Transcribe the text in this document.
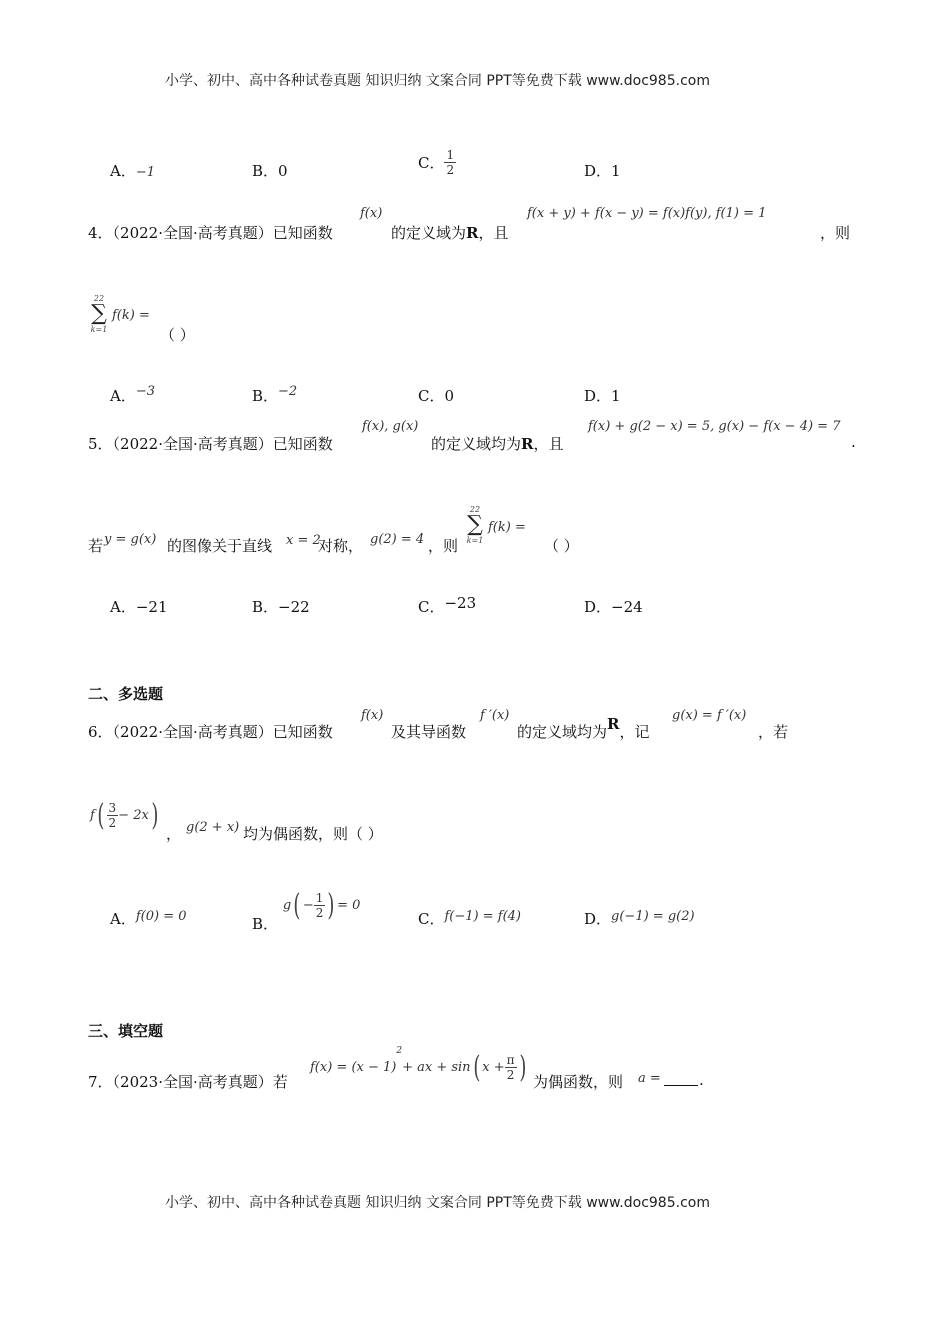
小学、初中、高中各种试卷真题 知识归纳 文案合同 PPT等免费下载 www.doc985.com
A．−1	B．0	C． $\frac{1}{2}$	D．1
4．（2022·全国·高考真题）已知函数
f(x)
的定义域为R，且
f(x + y) + f(x − y) = f(x)f(y), f(1) = 1
，则
22
∑
k=1
f(k) =
（ ）
A．−3	B．−2	C．0	D．1
5．（2022·全国·高考真题）已知函数
f(x), g(x)
的定义域均为R，且
f(x) + g(2 − x) = 5, g(x) − f(x − 4) = 7
.
若 y = g(x) 的图像关于直线 x = 2
对称， g(2) = 4 ，则
22
∑
k=1
f(k) =
（ ）
A．−21	B．−22	C．−23	D．−24
二、多选题
6．（2022·全国·高考真题）已知函数
f(x)
及其导函数
f ′(x)
的定义域均为R，记
g(x) = f ′(x)
，若
$f( \frac{3}{2} - 2x)$
， g(2 + x) 均为偶函数，则（ ）
A．f(0) = 0	B． $g( - \frac{1}{2}$ ) = 0
C．f(−1) = f(4)	D．g(−1) = g(2)
三、填空题
7．（2023·全国·高考真题）若
$f(x) = (x - 1)^2+$ ax + sin( $x + \frac{\pi}{2}$ ) 为偶函数，则 a =	.
小学、初中、高中各种试卷真题 知识归纳 文案合同 PPT等免费下载 www.doc985.com
